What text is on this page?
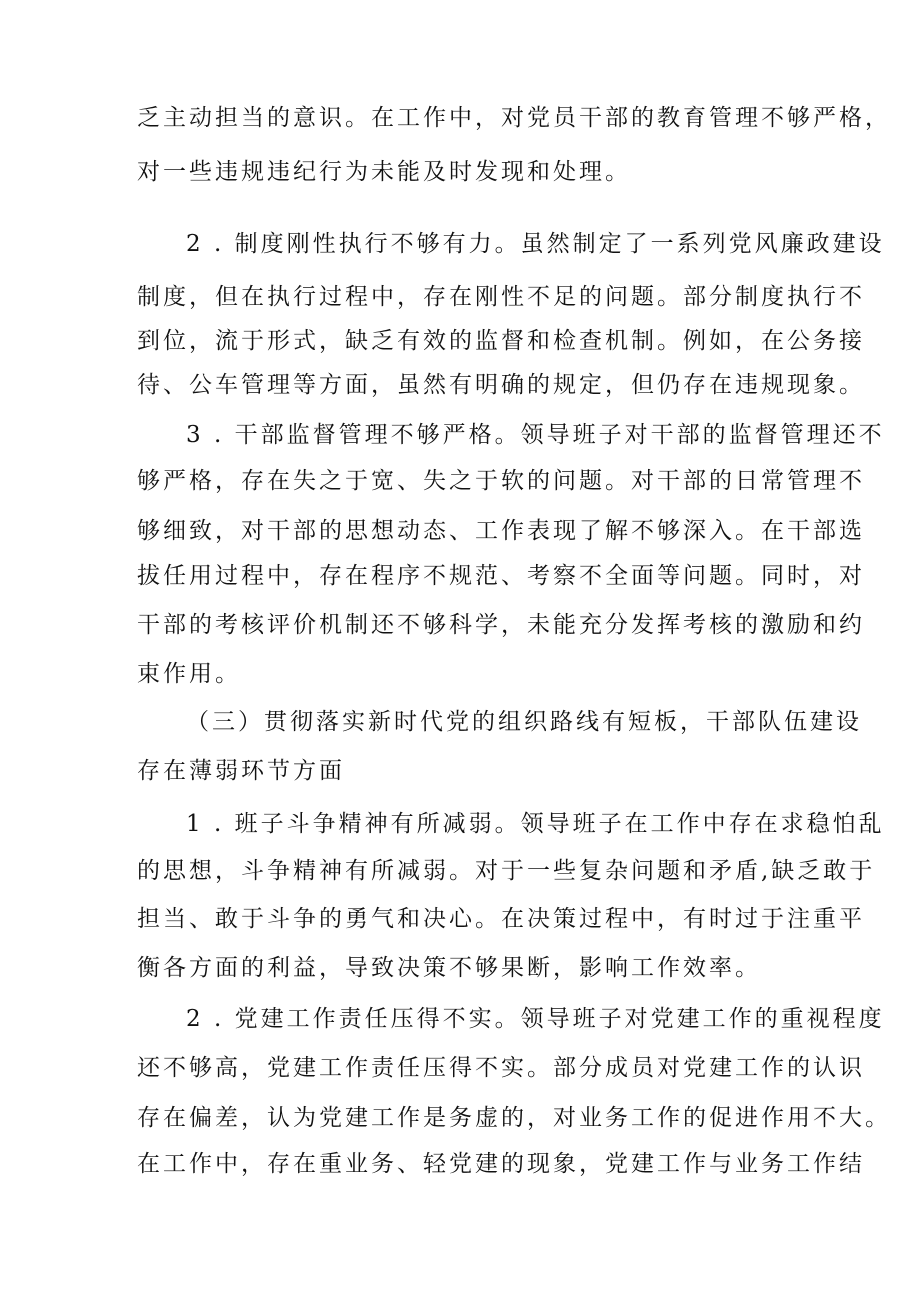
乏主动担当的意识。在工作中，对党员干部的教育管理不够严格，
对一些违规违纪行为未能及时发现和处理。
2 . 制度刚性执行不够有力。虽然制定了一系列党风廉政建设
制度，但在执行过程中，存在刚性不足的问题。部分制度执行不
到位，流于形式，缺乏有效的监督和检查机制。例如，在公务接
待、公车管理等方面，虽然有明确的规定，但仍存在违规现象。
3 . 干部监督管理不够严格。领导班子对干部的监督管理还不
够严格，存在失之于宽、失之于软的问题。对干部的日常管理不
够细致，对干部的思想动态、工作表现了解不够深入。在干部选
拔任用过程中，存在程序不规范、考察不全面等问题。同时，对
干部的考核评价机制还不够科学，未能充分发挥考核的激励和约
束作用。
（三）贯彻落实新时代党的组织路线有短板，干部队伍建设
存在薄弱环节方面
1 . 班子斗争精神有所减弱。领导班子在工作中存在求稳怕乱
的思想，斗争精神有所减弱。对于一些复杂问题和矛盾,缺乏敢于
担当、敢于斗争的勇气和决心。在决策过程中，有时过于注重平
衡各方面的利益，导致决策不够果断，影响工作效率。
2 . 党建工作责任压得不实。领导班子对党建工作的重视程度
还不够高，党建工作责任压得不实。部分成员对党建工作的认识
存在偏差，认为党建工作是务虚的，对业务工作的促进作用不大。
在工作中，存在重业务、轻党建的现象，党建工作与业务工作结
